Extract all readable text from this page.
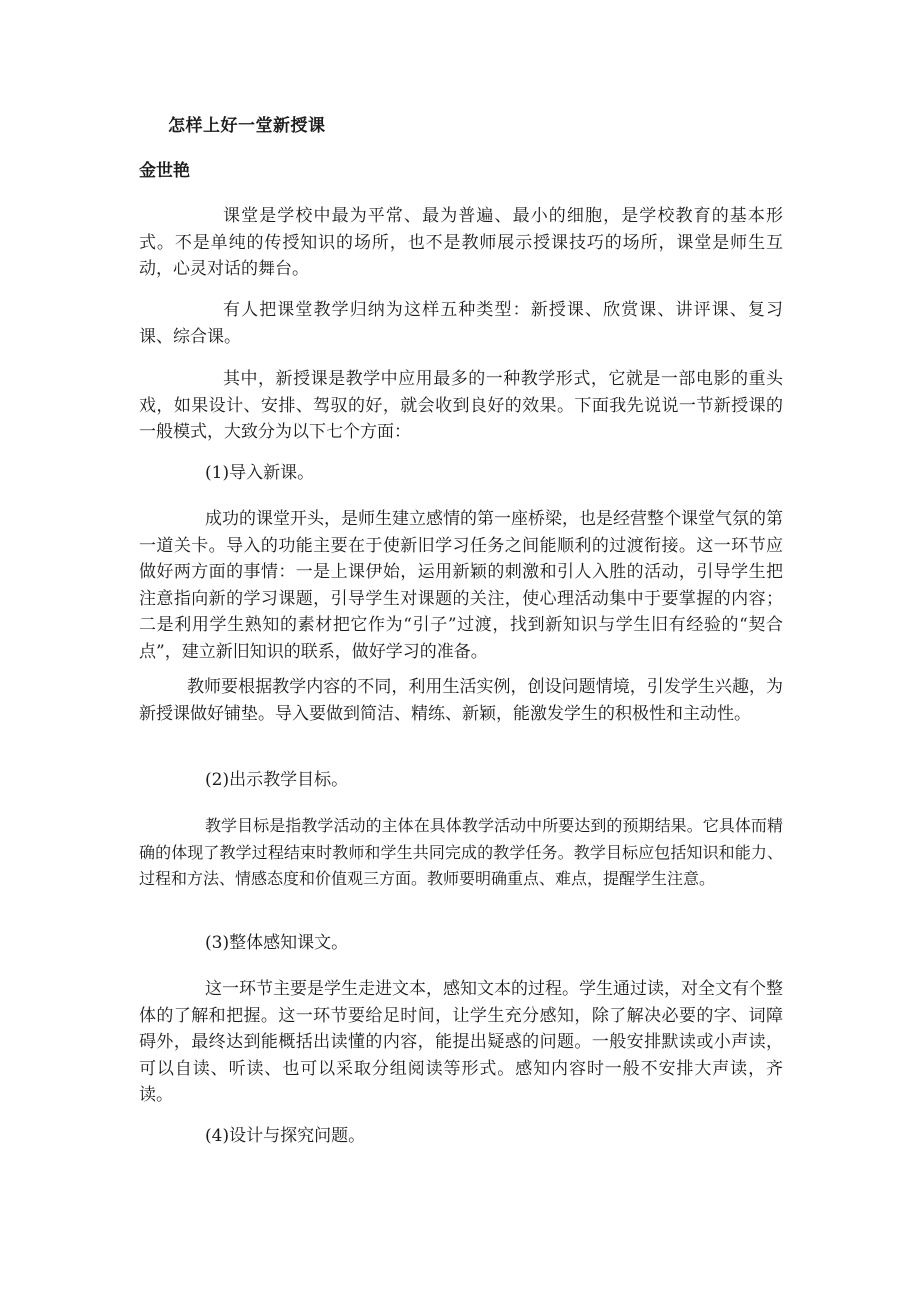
怎样上好一堂新授课
金世艳

课堂是学校中最为平常、最为普遍、最小的细胞，是学校教育的基本形式。不是单纯的传授知识的场所，也不是教师展示授课技巧的场所，课堂是师生互动，心灵对话的舞台。

有人把课堂教学归纳为这样五种类型：新授课、欣赏课、讲评课、复习课、综合课。

其中，新授课是教学中应用最多的一种教学形式，它就是一部电影的重头戏，如果设计、安排、驾驭的好，就会收到良好的效果。下面我先说说一节新授课的一般模式，大致分为以下七个方面：

(1)导入新课。

成功的课堂开头，是师生建立感情的第一座桥梁，也是经营整个课堂气氛的第一道关卡。导入的功能主要在于使新旧学习任务之间能顺利的过渡衔接。这一环节应做好两方面的事情：一是上课伊始，运用新颖的刺激和引人入胜的活动，引导学生把注意指向新的学习课题，引导学生对课题的关注，使心理活动集中于要掌握的内容；二是利用学生熟知的素材把它作为“引子”过渡，找到新知识与学生旧有经验的“契合点”，建立新旧知识的联系，做好学习的准备。

教师要根据教学内容的不同，利用生活实例，创设问题情境，引发学生兴趣，为新授课做好铺垫。导入要做到简洁、精练、新颖，能激发学生的积极性和主动性。

(2)出示教学目标。

教学目标是指教学活动的主体在具体教学活动中所要达到的预期结果。它具体而精确的体现了教学过程结束时教师和学生共同完成的教学任务。教学目标应包括知识和能力、过程和方法、情感态度和价值观三方面。教师要明确重点、难点，提醒学生注意。

(3)整体感知课文。

这一环节主要是学生走进文本，感知文本的过程。学生通过读，对全文有个整体的了解和把握。这一环节要给足时间，让学生充分感知，除了解决必要的字、词障碍外，最终达到能概括出读懂的内容，能提出疑惑的问题。一般安排默读或小声读，可以自读、听读、也可以采取分组阅读等形式。感知内容时一般不安排大声读，齐读。

(4)设计与探究问题。
